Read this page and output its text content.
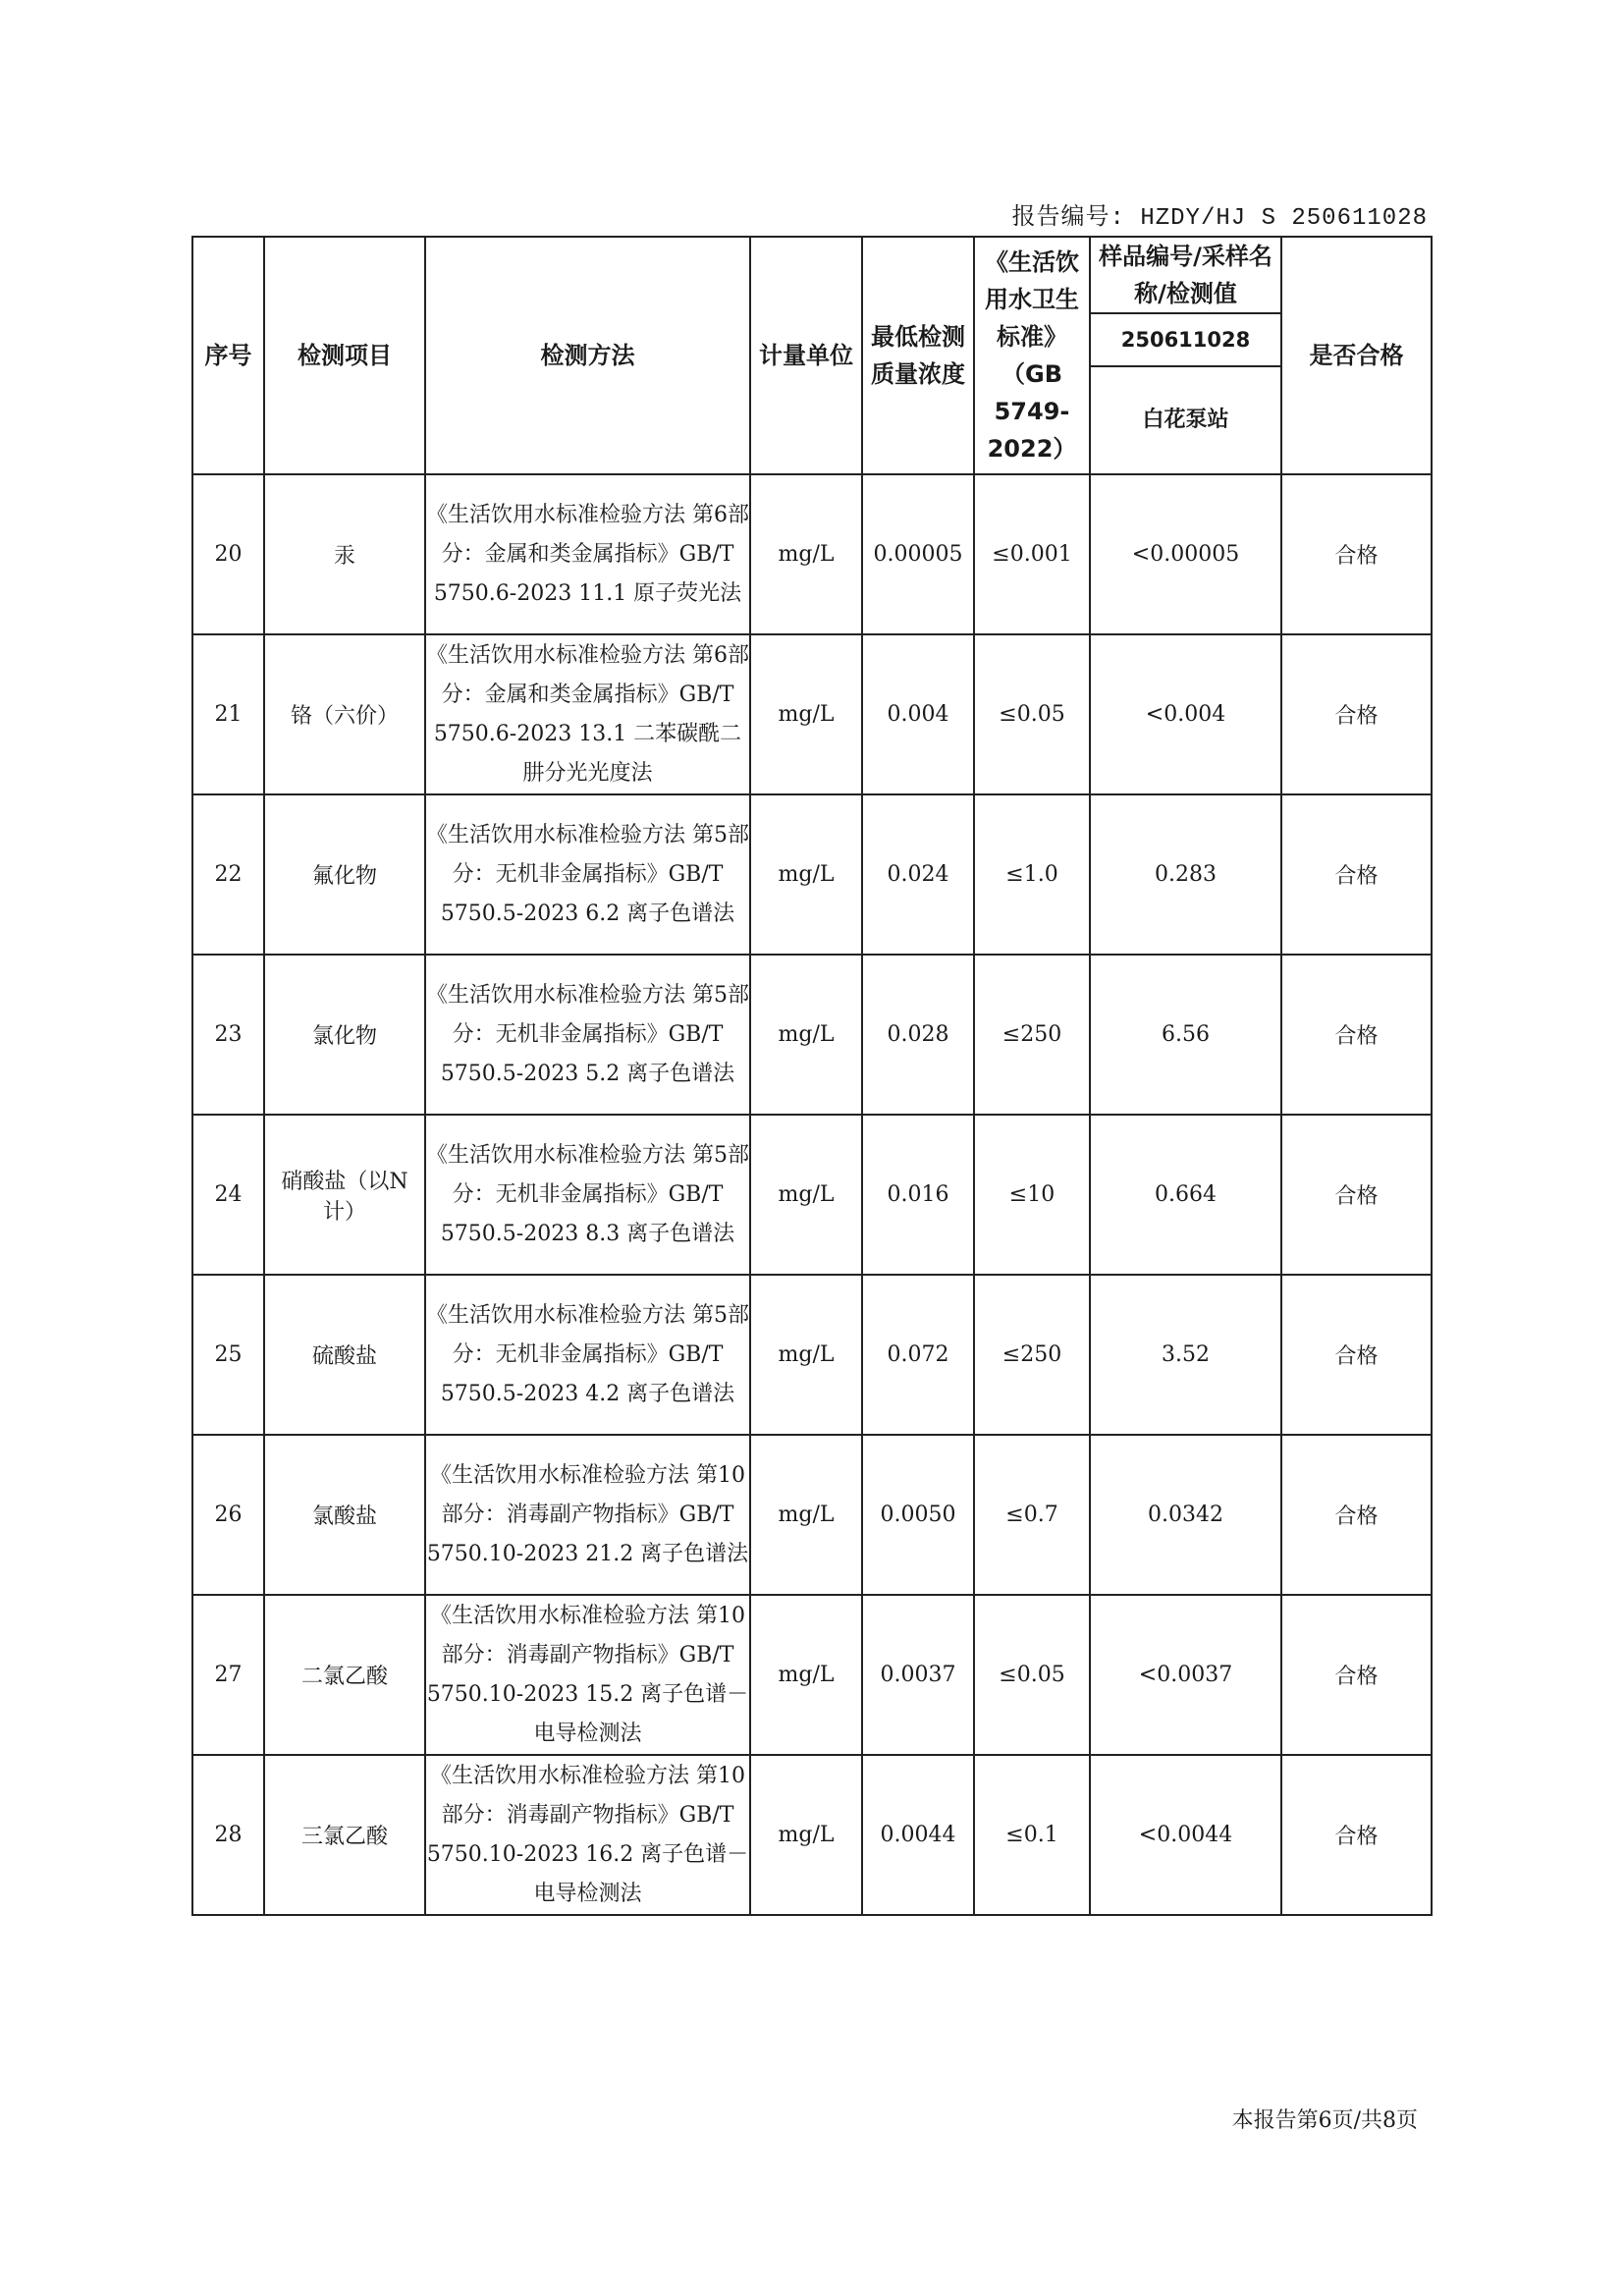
报告编号: HZDY/HJ S 250611028
序号	检测项目	检测方法	计量单位	最低检测质量浓度	《生活饮用水卫生标准》（GB 5749-2022）	样品编号/采样名称/检测值	是否合格
						250611028	
						白花泵站	
20	汞	《生活饮用水标准检验方法 第6部分：金属和类金属指标》GB/T 5750.6-2023 11.1 原子荧光法	mg/L	0.00005	≤0.001	<0.00005	合格
21	铬（六价）	《生活饮用水标准检验方法 第6部分：金属和类金属指标》GB/T 5750.6-2023 13.1 二苯碳酰二肼分光光度法	mg/L	0.004	≤0.05	<0.004	合格
22	氟化物	《生活饮用水标准检验方法 第5部分：无机非金属指标》GB/T 5750.5-2023 6.2 离子色谱法	mg/L	0.024	≤1.0	0.283	合格
23	氯化物	《生活饮用水标准检验方法 第5部分：无机非金属指标》GB/T 5750.5-2023 5.2 离子色谱法	mg/L	0.028	≤250	6.56	合格
24	硝酸盐（以N计）	《生活饮用水标准检验方法 第5部分：无机非金属指标》GB/T 5750.5-2023 8.3 离子色谱法	mg/L	0.016	≤10	0.664	合格
25	硫酸盐	《生活饮用水标准检验方法 第5部分：无机非金属指标》GB/T 5750.5-2023 4.2 离子色谱法	mg/L	0.072	≤250	3.52	合格
26	氯酸盐	《生活饮用水标准检验方法 第10部分：消毒副产物指标》GB/T 5750.10-2023 21.2 离子色谱法	mg/L	0.0050	≤0.7	0.0342	合格
27	二氯乙酸	《生活饮用水标准检验方法 第10部分：消毒副产物指标》GB/T 5750.10-2023 15.2 离子色谱－电导检测法	mg/L	0.0037	≤0.05	<0.0037	合格
28	三氯乙酸	《生活饮用水标准检验方法 第10部分：消毒副产物指标》GB/T 5750.10-2023 16.2 离子色谱－电导检测法	mg/L	0.0044	≤0.1	<0.0044	合格
本报告第6页/共8页
